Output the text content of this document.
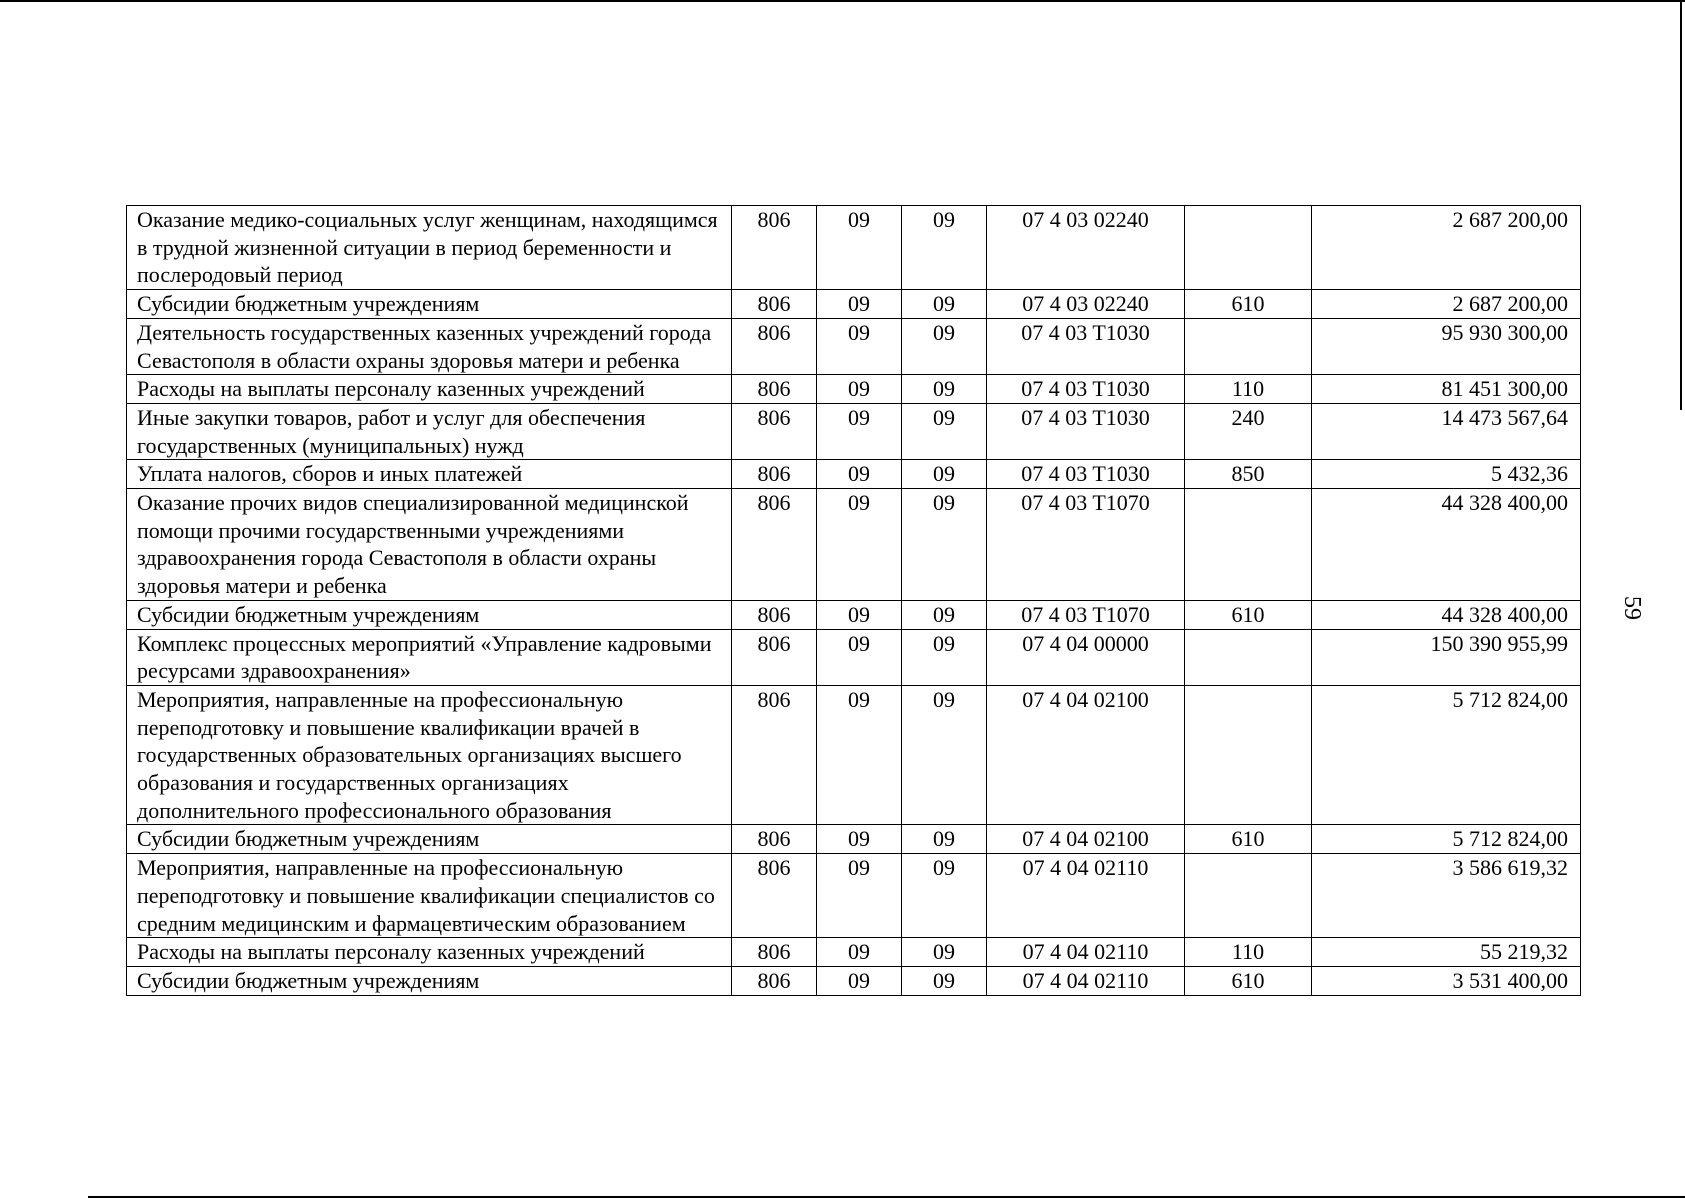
59
Оказание медико-социальных услуг женщинам, находящимся в трудной жизненной ситуации в период беременности и послеродовый период	806	09	09	07 4 03 02240		2 687 200,00
Субсидии бюджетным учреждениям	806	09	09	07 4 03 02240	610	2 687 200,00
Деятельность государственных казенных учреждений города Севастополя в области охраны здоровья матери и ребенка	806	09	09	07 4 03 T1030		95 930 300,00
Расходы на выплаты персоналу казенных учреждений	806	09	09	07 4 03 T1030	110	81 451 300,00
Иные закупки товаров, работ и услуг для обеспечения государственных (муниципальных) нужд	806	09	09	07 4 03 T1030	240	14 473 567,64
Уплата налогов, сборов и иных платежей	806	09	09	07 4 03 T1030	850	5 432,36
Оказание прочих видов специализированной медицинской помощи прочими государственными учреждениями здравоохранения города Севастополя в области охраны здоровья матери и ребенка	806	09	09	07 4 03 T1070		44 328 400,00
Субсидии бюджетным учреждениям	806	09	09	07 4 03 T1070	610	44 328 400,00
Комплекс процессных мероприятий «Управление кадровыми ресурсами здравоохранения»	806	09	09	07 4 04 00000		150 390 955,99
Мероприятия, направленные на профессиональную переподготовку и повышение квалификации врачей в государственных образовательных организациях высшего образования и государственных организациях дополнительного профессионального образования	806	09	09	07 4 04 02100		5 712 824,00
Субсидии бюджетным учреждениям	806	09	09	07 4 04 02100	610	5 712 824,00
Мероприятия, направленные на профессиональную переподготовку и повышение квалификации специалистов со средним медицинским и фармацевтическим образованием	806	09	09	07 4 04 02110		3 586 619,32
Расходы на выплаты персоналу казенных учреждений	806	09	09	07 4 04 02110	110	55 219,32
Субсидии бюджетным учреждениям	806	09	09	07 4 04 02110	610	3 531 400,00
